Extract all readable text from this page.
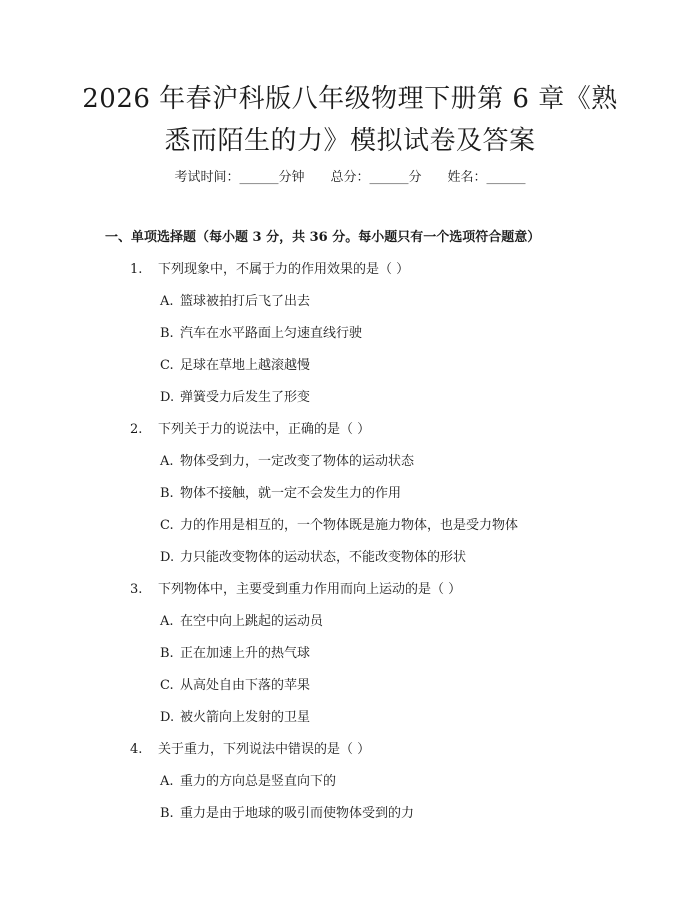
2026 年春沪科版八年级物理下册第 6 章《熟
悉而陌生的力》模拟试卷及答案
考试时间：______分钟 总分：______分 姓名：______
一、单项选择题（每小题 3 分，共 36 分。每小题只有一个选项符合题意）
1. 下列现象中，不属于力的作用效果的是（ ）
A. 篮球被拍打后飞了出去
B. 汽车在水平路面上匀速直线行驶
C. 足球在草地上越滚越慢
D. 弹簧受力后发生了形变
2. 下列关于力的说法中，正确的是（ ）
A. 物体受到力，一定改变了物体的运动状态
B. 物体不接触，就一定不会发生力的作用
C. 力的作用是相互的，一个物体既是施力物体，也是受力物体
D. 力只能改变物体的运动状态，不能改变物体的形状
3. 下列物体中，主要受到重力作用而向上运动的是（ ）
A. 在空中向上跳起的运动员
B. 正在加速上升的热气球
C. 从高处自由下落的苹果
D. 被火箭向上发射的卫星
4. 关于重力，下列说法中错误的是（ ）
A. 重力的方向总是竖直向下的
B. 重力是由于地球的吸引而使物体受到的力
